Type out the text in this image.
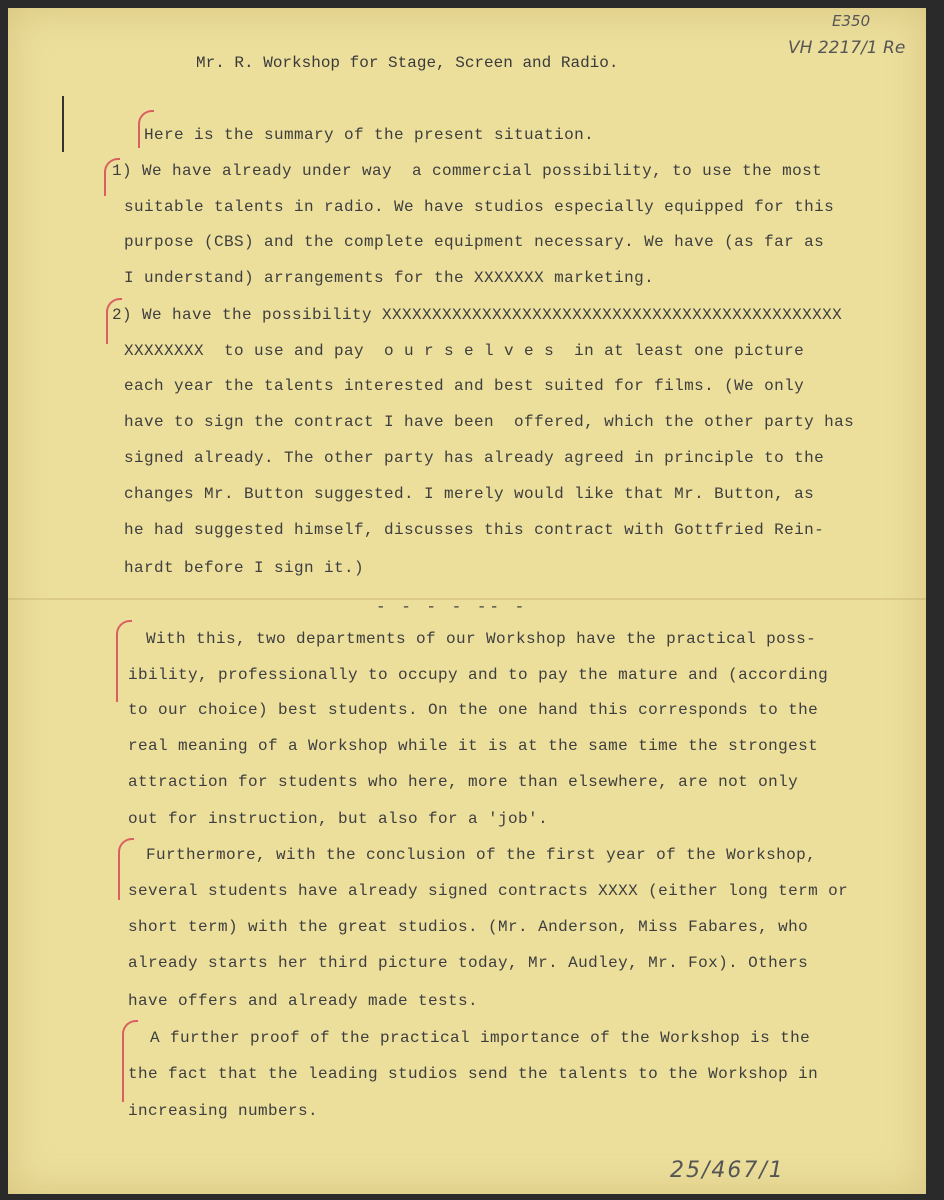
E350
VH 2217/1 Re
25/467/1
Mr. R. Workshop for Stage, Screen and Radio.
Here is the summary of the present situation.
1) We have already under way  a commercial possibility, to use the most
suitable talents in radio. We have studios especially equipped for this
purpose (CBS) and the complete equipment necessary. We have (as far as
I understand) arrangements for the XXXXXXX marketing.
2) We have the possibility XXXXXXXXXXXXXXXXXXXXXXXXXXXXXXXXXXXXXXXXXXXXXX
XXXXXXXX  to use and pay  o u r s e l v e s  in at least one picture
each year the talents interested and best suited for films. (We only
have to sign the contract I have been  offered, which the other party has
signed already. The other party has already agreed in principle to the
changes Mr. Button suggested. I merely would like that Mr. Button, as
he had suggested himself, discusses this contract with Gottfried Rein-
hardt before I sign it.)
- - - - -- -
With this, two departments of our Workshop have the practical poss-
ibility, professionally to occupy and to pay the mature and (according
to our choice) best students. On the one hand this corresponds to the
real meaning of a Workshop while it is at the same time the strongest
attraction for students who here, more than elsewhere, are not only
out for instruction, but also for a 'job'.
Furthermore, with the conclusion of the first year of the Workshop,
several students have already signed contracts XXXX (either long term or
short term) with the great studios. (Mr. Anderson, Miss Fabares, who
already starts her third picture today, Mr. Audley, Mr. Fox). Others
have offers and already made tests.
A further proof of the practical importance of the Workshop is the
the fact that the leading studios send the talents to the Workshop in
increasing numbers.
